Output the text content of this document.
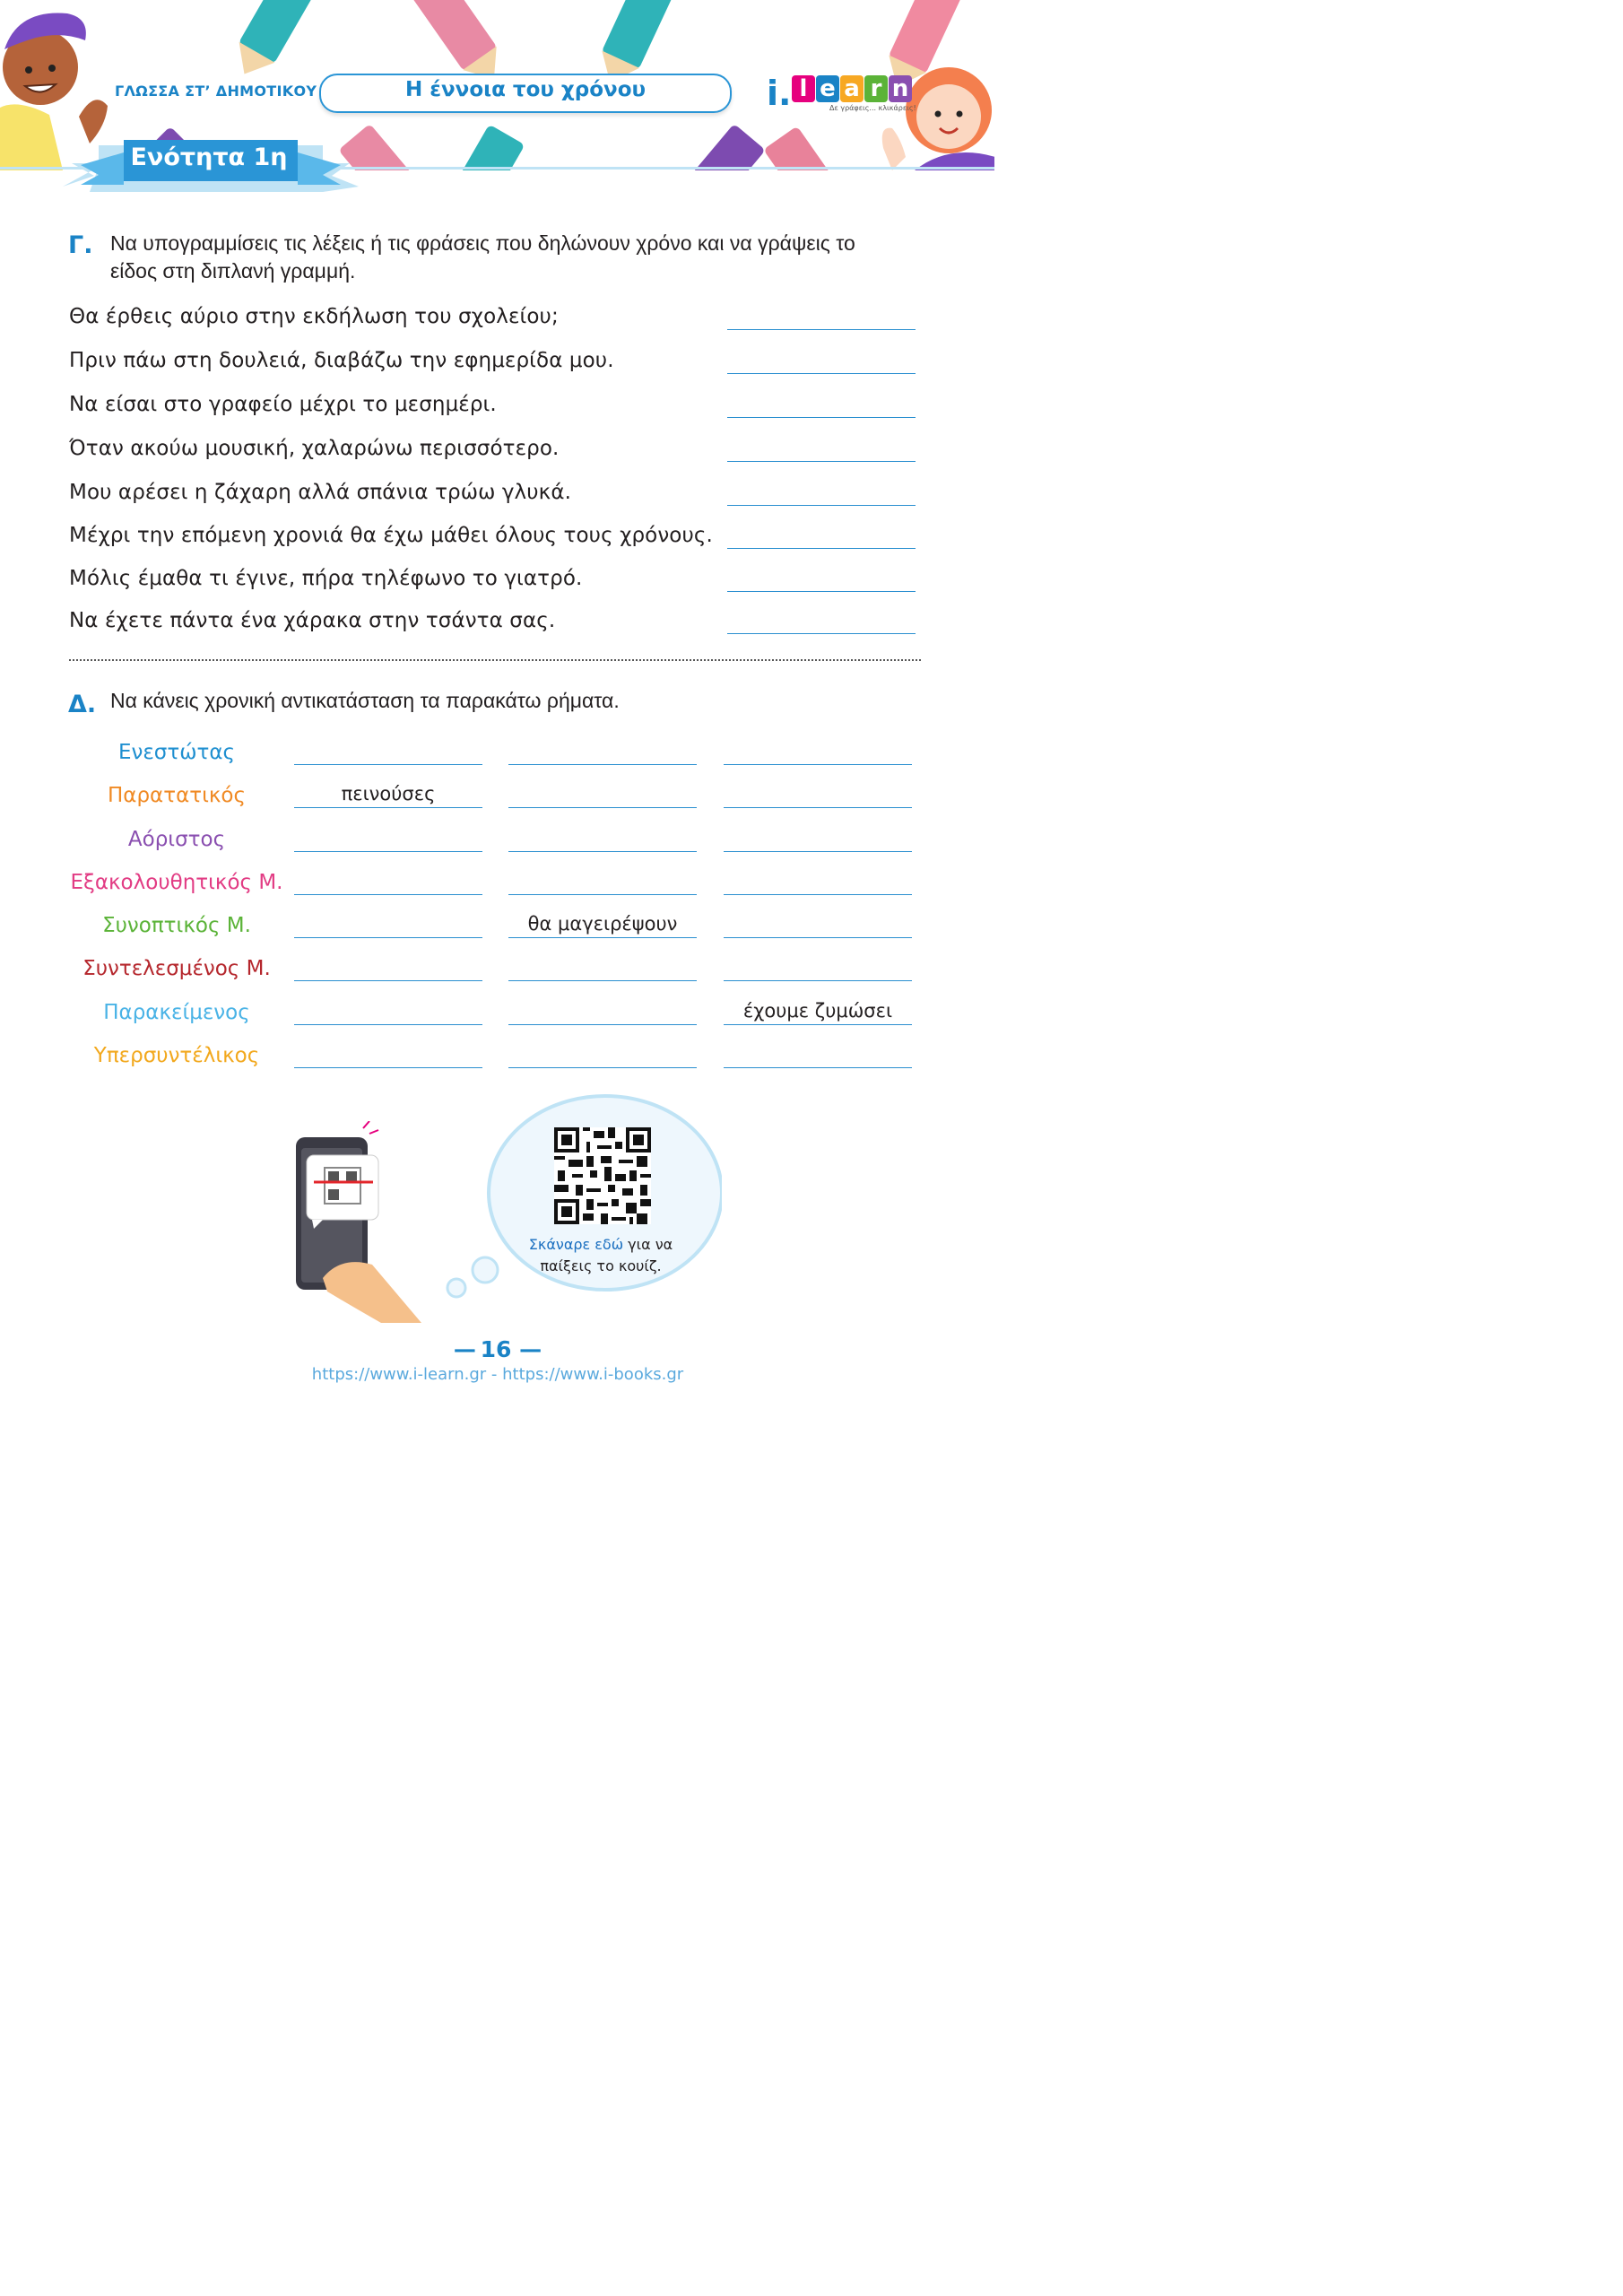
ΓΛΩΣΣΑ ΣΤ’ ΔΗΜΟΤΙΚΟΥ	Η έννοια του χρόνου
Ενότητα 1η
i. l e a r n
Δε γράφεις... κλικάρεις!
Γ. Να υπογραμμίσεις τις λέξεις ή τις φράσεις που δηλώνουν χρόνο και να γράψεις το είδος στη διπλανή γραμμή.
Θα έρθεις αύριο στην εκδήλωση του σχολείου;
Πριν πάω στη δουλειά, διαβάζω την εφημερίδα μου.
Να είσαι στο γραφείο μέχρι το μεσημέρι.
Όταν ακούω μουσική, χαλαρώνω περισσότερο.
Μου αρέσει η ζάχαρη αλλά σπάνια τρώω γλυκά.
Μέχρι την επόμενη χρονιά θα έχω μάθει όλους τους χρόνους.
Μόλις έμαθα τι έγινε, πήρα τηλέφωνο το γιατρό.
Να έχετε πάντα ένα χάρακα στην τσάντα σας.
Δ. Να κάνεις χρονική αντικατάσταση τα παρακάτω ρήματα.
Ενεστώτας
Παρατατικός
Αόριστος
Εξακολουθητικός Μ.
Συνοπτικός Μ.
Συντελεσμένος Μ.
Παρακείμενος
Υπερσυντέλικος
πεινούσες
θα μαγειρέψουν
έχουμε ζυμώσει
Σκάναρε εδώ για να παίξεις το κουίζ.
— 16 —
https://www.i-learn.gr - https://www.i-books.gr
